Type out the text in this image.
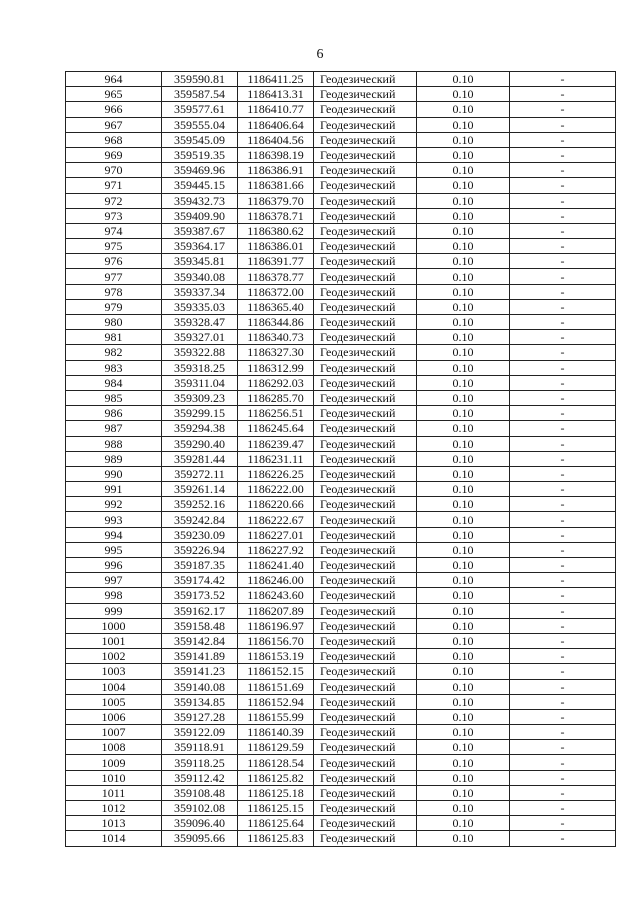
6
964	359590.81	1186411.25	Геодезический	0.10	-
965	359587.54	1186413.31	Геодезический	0.10	-
966	359577.61	1186410.77	Геодезический	0.10	-
967	359555.04	1186406.64	Геодезический	0.10	-
968	359545.09	1186404.56	Геодезический	0.10	-
969	359519.35	1186398.19	Геодезический	0.10	-
970	359469.96	1186386.91	Геодезический	0.10	-
971	359445.15	1186381.66	Геодезический	0.10	-
972	359432.73	1186379.70	Геодезический	0.10	-
973	359409.90	1186378.71	Геодезический	0.10	-
974	359387.67	1186380.62	Геодезический	0.10	-
975	359364.17	1186386.01	Геодезический	0.10	-
976	359345.81	1186391.77	Геодезический	0.10	-
977	359340.08	1186378.77	Геодезический	0.10	-
978	359337.34	1186372.00	Геодезический	0.10	-
979	359335.03	1186365.40	Геодезический	0.10	-
980	359328.47	1186344.86	Геодезический	0.10	-
981	359327.01	1186340.73	Геодезический	0.10	-
982	359322.88	1186327.30	Геодезический	0.10	-
983	359318.25	1186312.99	Геодезический	0.10	-
984	359311.04	1186292.03	Геодезический	0.10	-
985	359309.23	1186285.70	Геодезический	0.10	-
986	359299.15	1186256.51	Геодезический	0.10	-
987	359294.38	1186245.64	Геодезический	0.10	-
988	359290.40	1186239.47	Геодезический	0.10	-
989	359281.44	1186231.11	Геодезический	0.10	-
990	359272.11	1186226.25	Геодезический	0.10	-
991	359261.14	1186222.00	Геодезический	0.10	-
992	359252.16	1186220.66	Геодезический	0.10	-
993	359242.84	1186222.67	Геодезический	0.10	-
994	359230.09	1186227.01	Геодезический	0.10	-
995	359226.94	1186227.92	Геодезический	0.10	-
996	359187.35	1186241.40	Геодезический	0.10	-
997	359174.42	1186246.00	Геодезический	0.10	-
998	359173.52	1186243.60	Геодезический	0.10	-
999	359162.17	1186207.89	Геодезический	0.10	-
1000	359158.48	1186196.97	Геодезический	0.10	-
1001	359142.84	1186156.70	Геодезический	0.10	-
1002	359141.89	1186153.19	Геодезический	0.10	-
1003	359141.23	1186152.15	Геодезический	0.10	-
1004	359140.08	1186151.69	Геодезический	0.10	-
1005	359134.85	1186152.94	Геодезический	0.10	-
1006	359127.28	1186155.99	Геодезический	0.10	-
1007	359122.09	1186140.39	Геодезический	0.10	-
1008	359118.91	1186129.59	Геодезический	0.10	-
1009	359118.25	1186128.54	Геодезический	0.10	-
1010	359112.42	1186125.82	Геодезический	0.10	-
1011	359108.48	1186125.18	Геодезический	0.10	-
1012	359102.08	1186125.15	Геодезический	0.10	-
1013	359096.40	1186125.64	Геодезический	0.10	-
1014	359095.66	1186125.83	Геодезический	0.10	-
